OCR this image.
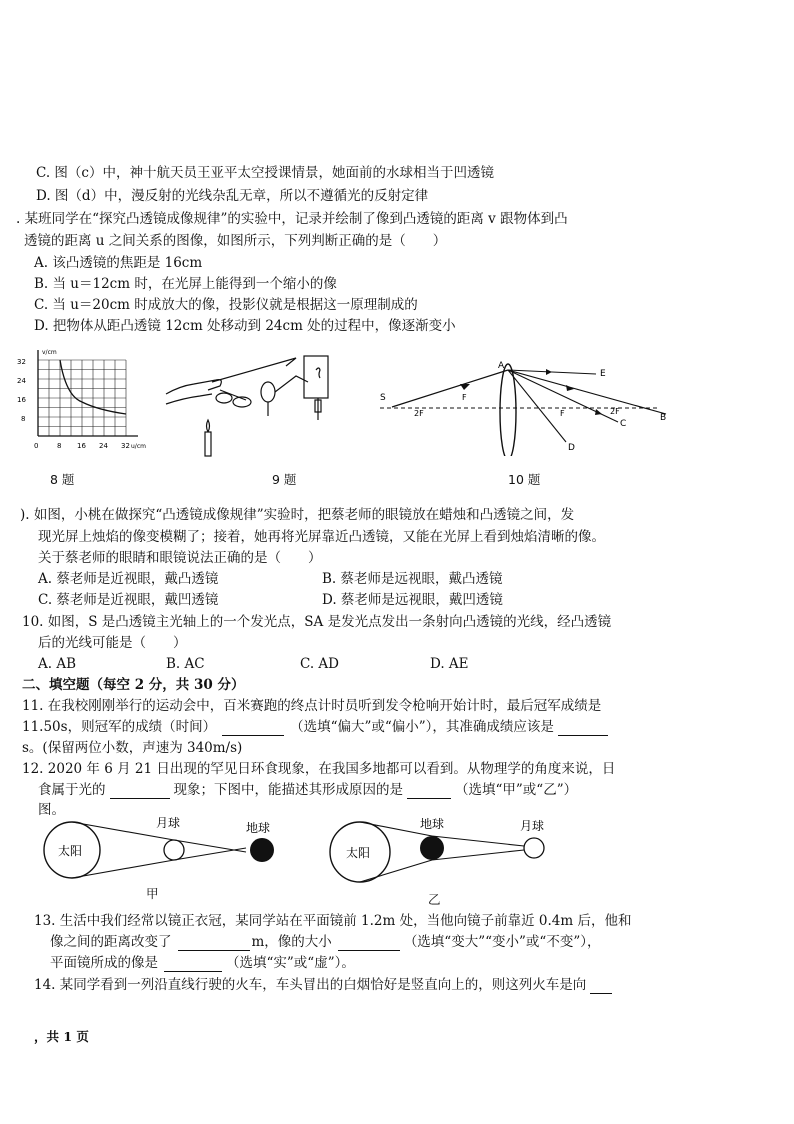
C. 图（c）中，神十航天员王亚平太空授课情景，她面前的水球相当于凹透镜
D. 图（d）中，漫反射的光线杂乱无章，所以不遵循光的反射定律
. 某班同学在“探究凸透镜成像规律”的实验中，记录并绘制了像到凸透镜的距离 v 跟物体到凸
透镜的距离 u 之间关系的图像，如图所示，下列判断正确的是（　　）
A. 该凸透镜的焦距是 16cm
B. 当 u＝12cm 时，在光屏上能得到一个缩小的像
C. 当 u＝20cm 时成放大的像，投影仪就是根据这一原理制成的
D. 把物体从距凸透镜 12cm 处移动到 24cm 处的过程中，像逐渐变小
v/cm
32
24
16
8
0	8 16 24 32 u/cm
8 题	9 题
S
A
E
B
C
D
F
F
2F	2F
10 题
). 如图，小桃在做探究“凸透镜成像规律”实验时，把蔡老师的眼镜放在蜡烛和凸透镜之间，发
现光屏上烛焰的像变模糊了；接着，她再将光屏靠近凸透镜，又能在光屏上看到烛焰清晰的像。
关于蔡老师的眼睛和眼镜说法正确的是（　　）
A. 蔡老师是近视眼，戴凸透镜	B. 蔡老师是远视眼，戴凸透镜
C. 蔡老师是近视眼，戴凹透镜	D. 蔡老师是远视眼，戴凹透镜
10. 如图，S 是凸透镜主光轴上的一个发光点，SA 是发光点发出一条射向凸透镜的光线，经凸透镜
后的光线可能是（　　）
A. AB	B. AC	C. AD	D. AE
二、填空题（每空 2 分，共 30 分）
11. 在我校刚刚举行的运动会中，百米赛跑的终点计时员听到发令枪响开始计时，最后冠军成绩是
11.50s，则冠军的成绩（时间）	（选填“偏大”或“偏小”），其准确成绩应该是
s。(保留两位小数，声速为 340m/s)
12. 2020 年 6 月 21 日出现的罕见日环食现象，在我国多地都可以看到。从物理学的角度来说，日
食属于光的	现象；下图中，能描述其形成原因的是	（选填“甲”或“乙”）
图。
太阳
月球	地球
甲
太阳
地球	月球
乙
13. 生活中我们经常以镜正衣冠，某同学站在平面镜前 1.2m 处，当他向镜子前靠近 0.4m 后，他和
像之间的距离改变了	m，像的大小	（选填“变大”“变小”或“不变”），
平面镜所成的像是	（选填“实”或“虚”）。
14. 某同学看到一列沿直线行驶的火车，车头冒出的白烟恰好是竖直向上的，则这列火车是向
，共 1 页
